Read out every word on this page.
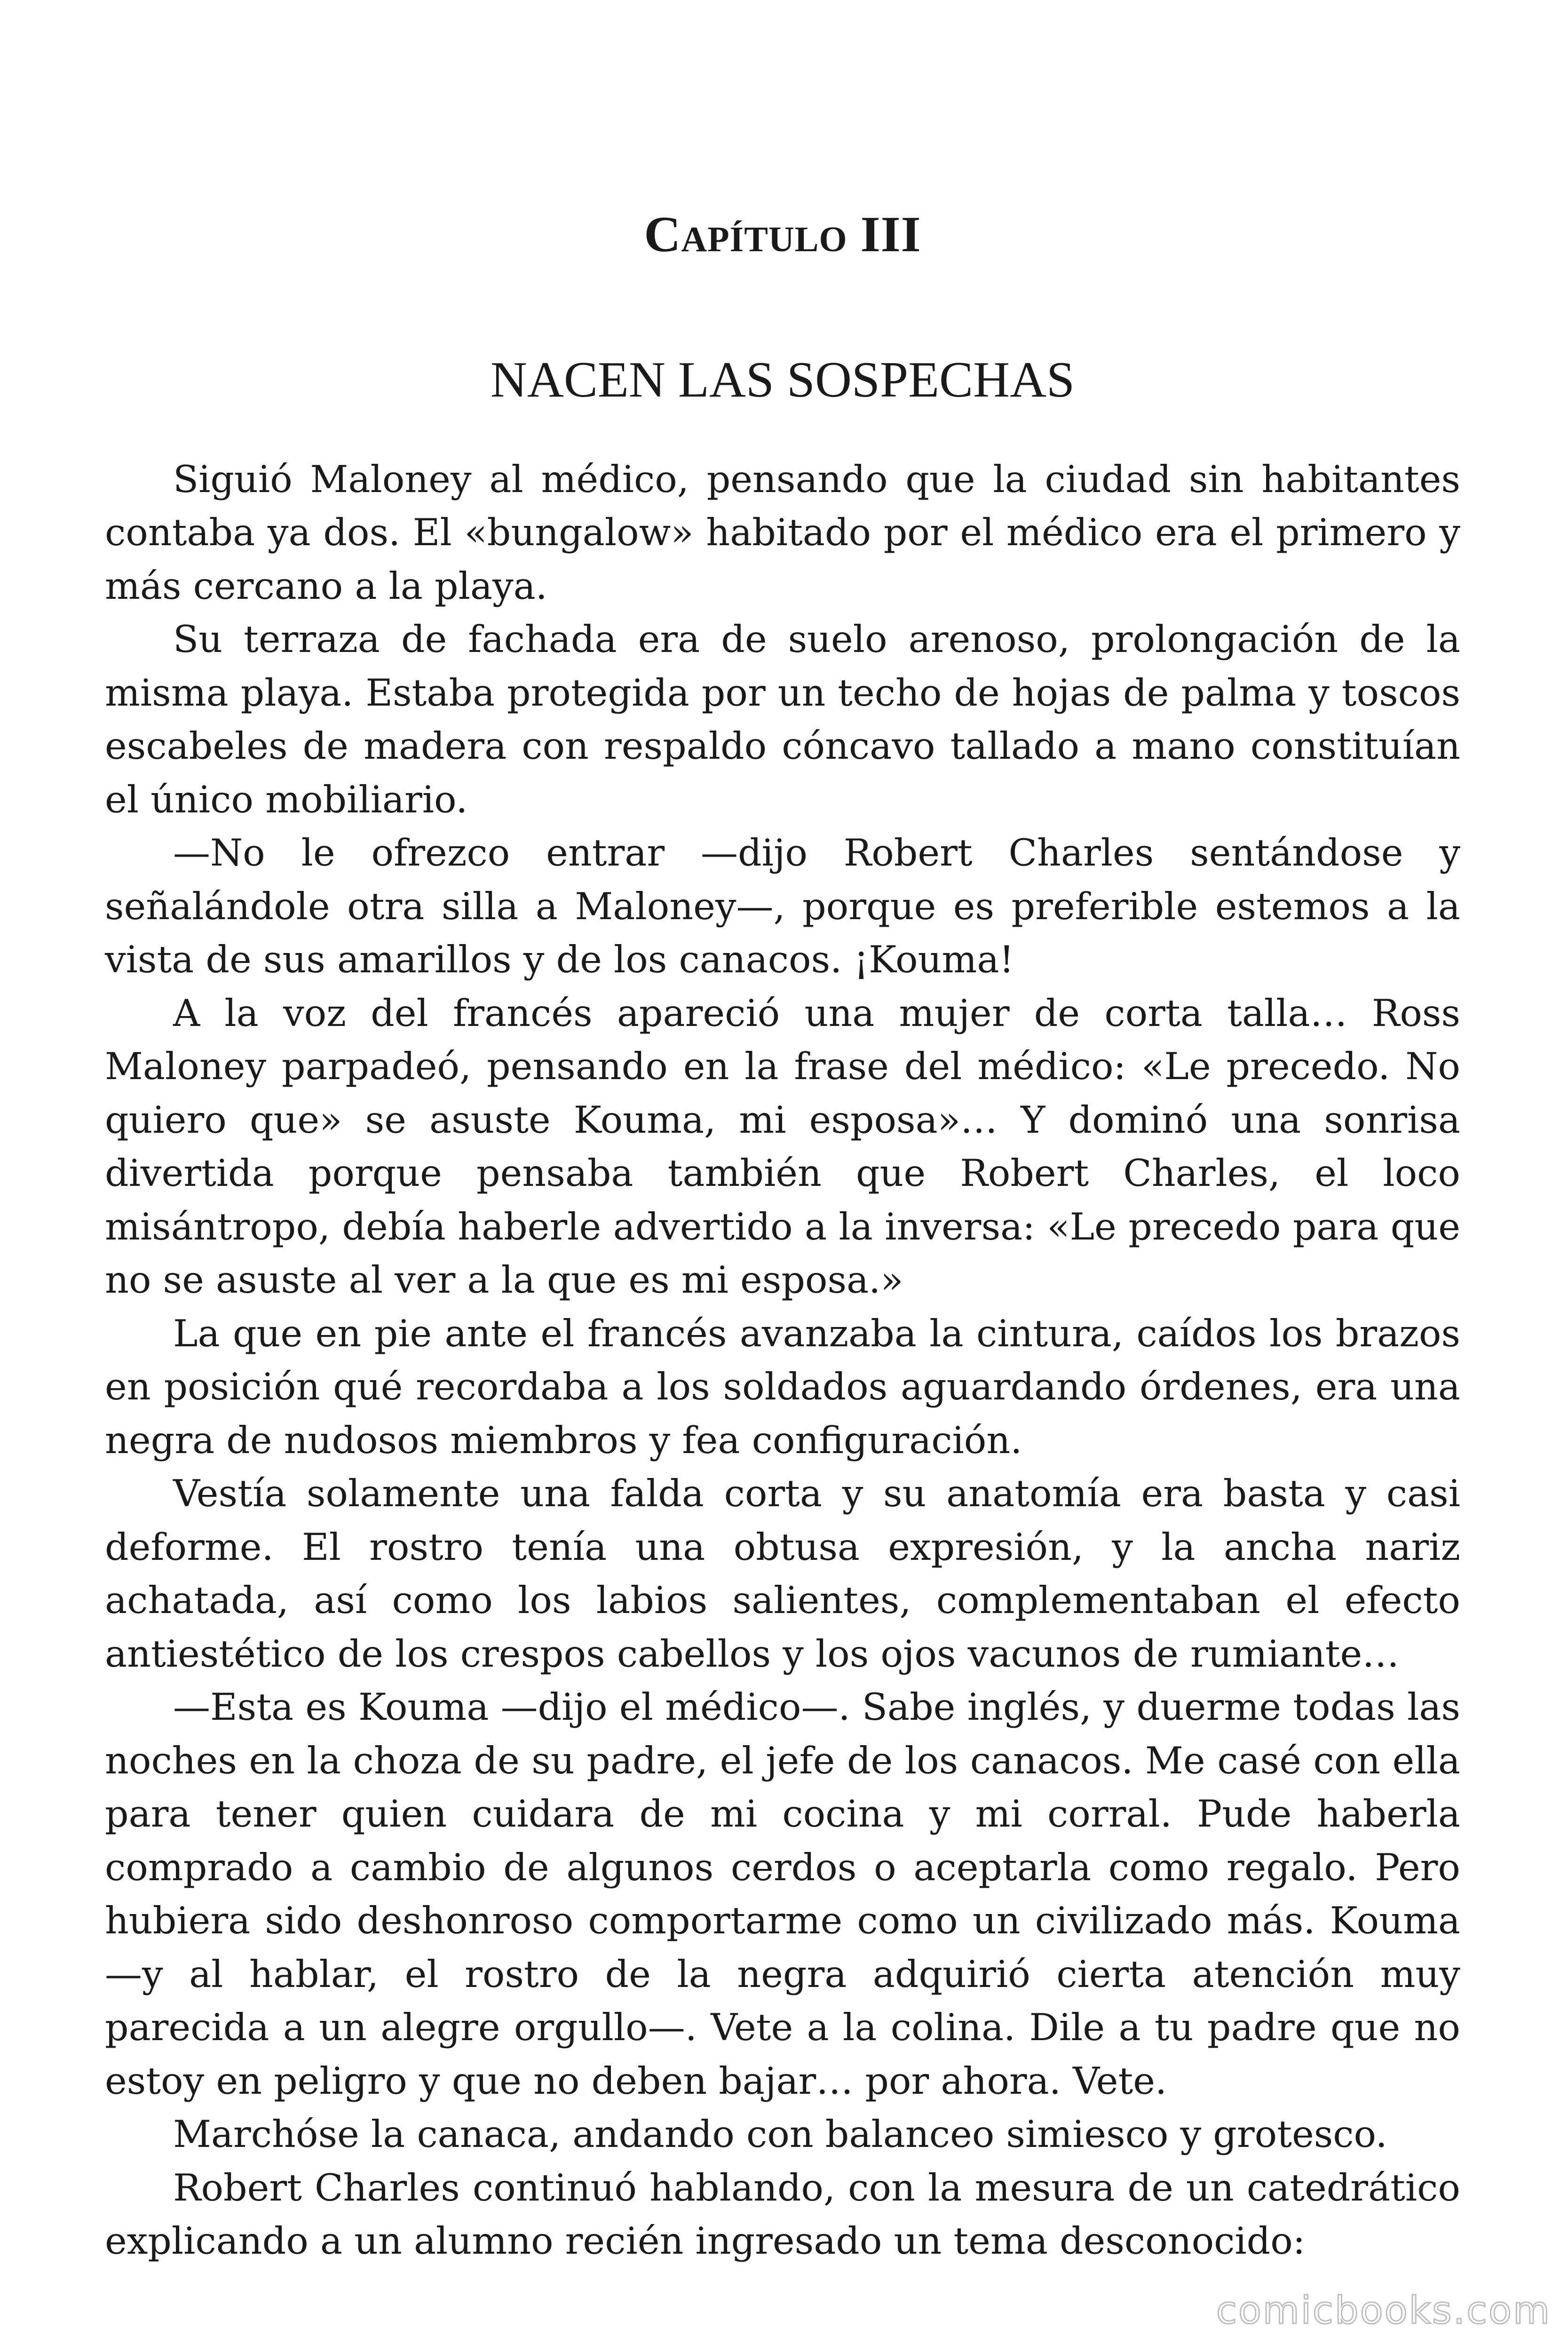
Capítulo III
NACEN LAS SOSPECHAS

Siguió Maloney al médico, pensando que la ciudad sin habitantes contaba ya dos. El «bungalow» habitado por el médico era el primero y más cercano a la playa.

Su terraza de fachada era de suelo arenoso, prolongación de la misma playa. Estaba protegida por un techo de hojas de palma y toscos escabeles de madera con respaldo cóncavo tallado a mano constituían el único mobiliario.

—No le ofrezco entrar —dijo Robert Charles sentándose y señalándole otra silla a Maloney—, porque es preferible estemos a la vista de sus amarillos y de los canacos. ¡Kouma!

A la voz del francés apareció una mujer de corta talla… Ross Maloney parpadeó, pensando en la frase del médico: «Le precedo. No quiero que» se asuste Kouma, mi esposa»… Y dominó una sonrisa divertida porque pensaba también que Robert Charles, el loco misántropo, debía haberle advertido a la inversa: «Le precedo para que no se asuste al ver a la que es mi esposa.»

La que en pie ante el francés avanzaba la cintura, caídos los brazos en posición qué recordaba a los soldados aguardando órdenes, era una negra de nudosos miembros y fea configuración.

Vestía solamente una falda corta y su anatomía era basta y casi deforme. El rostro tenía una obtusa expresión, y la ancha nariz achatada, así como los labios salientes, complementaban el efecto antiestético de los crespos cabellos y los ojos vacunos de rumiante…

—Esta es Kouma —dijo el médico—. Sabe inglés, y duerme todas las noches en la choza de su padre, el jefe de los canacos. Me casé con ella para tener quien cuidara de mi cocina y mi corral. Pude haberla comprado a cambio de algunos cerdos o aceptarla como regalo. Pero hubiera sido deshonroso comportarme como un civilizado más. Kouma —y al hablar, el rostro de la negra adquirió cierta atención muy parecida a un alegre orgullo—. Vete a la colina. Dile a tu padre que no estoy en peligro y que no deben bajar… por ahora. Vete.

Marchóse la canaca, andando con balanceo simiesco y grotesco.

Robert Charles continuó hablando, con la mesura de un catedrático explicando a un alumno recién ingresado un tema desconocido:

comicbooks.com
